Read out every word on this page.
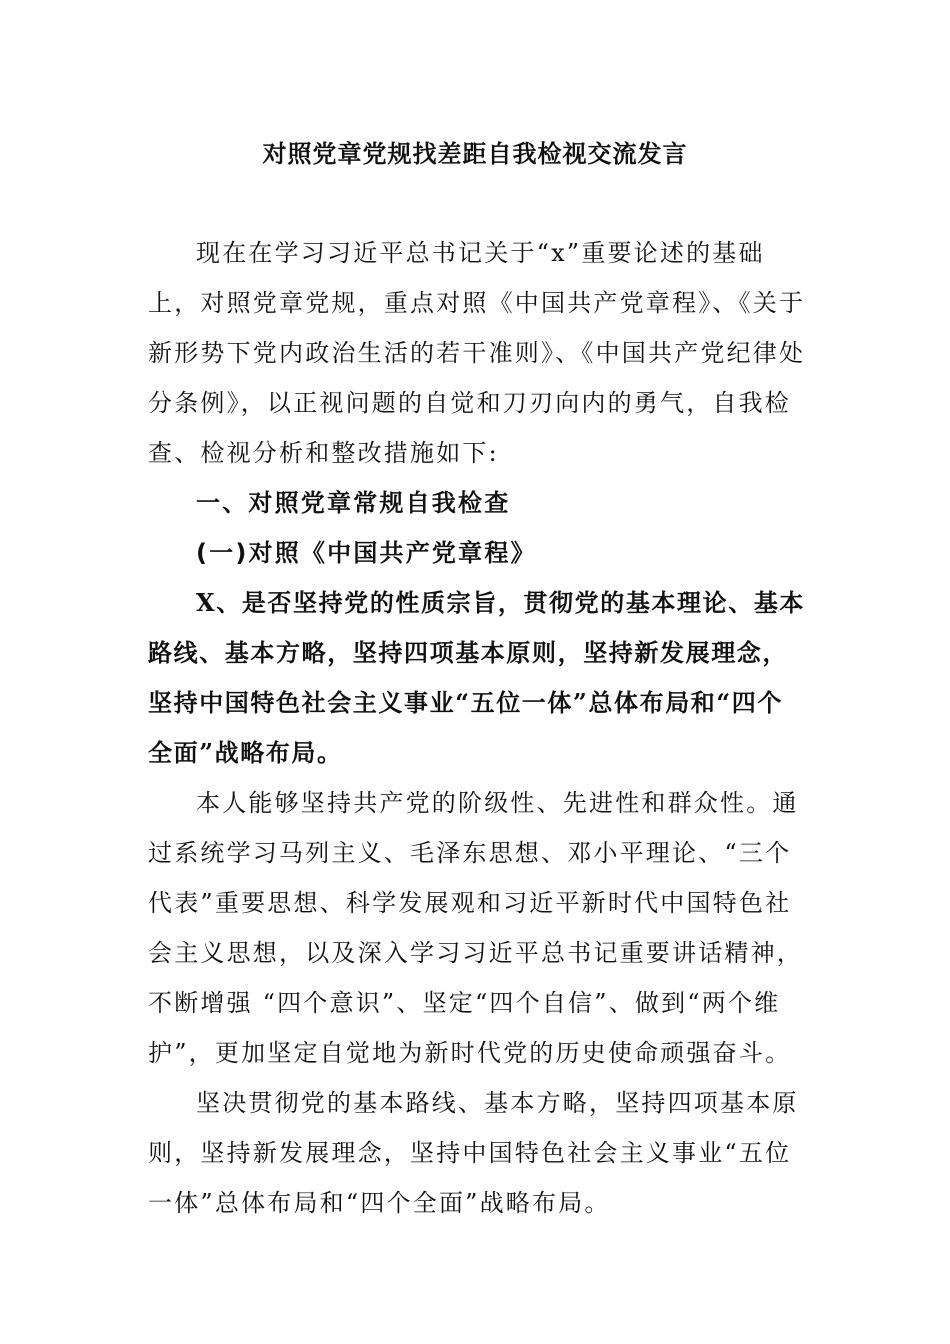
对照党章党规找差距自我检视交流发言

现在在学习习近平总书记关于“x”重要论述的基础上，对照党章党规，重点对照《中国共产党章程》、《关于新形势下党内政治生活的若干准则》、《中国共产党纪律处分条例》，以正视问题的自觉和刀刃向内的勇气，自我检查、检视分析和整改措施如下:

一、对照党章常规自我检查

(一)对照《中国共产党章程》

X、是否坚持党的性质宗旨，贯彻党的基本理论、基本路线、基本方略，坚持四项基本原则，坚持新发展理念，坚持中国特色社会主义事业“五位一体”总体布局和“四个全面”战略布局。

本人能够坚持共产党的阶级性、先进性和群众性。通过系统学习马列主义、毛泽东思想、邓小平理论、“三个代表”重要思想、科学发展观和习近平新时代中国特色社会主义思想，以及深入学习习近平总书记重要讲话精神，不断增强 “四个意识”、坚定“四个自信”、做到“两个维护”，更加坚定自觉地为新时代党的历史使命顽强奋斗。

坚决贯彻党的基本路线、基本方略，坚持四项基本原则，坚持新发展理念，坚持中国特色社会主义事业“五位一体”总体布局和“四个全面”战略布局。
